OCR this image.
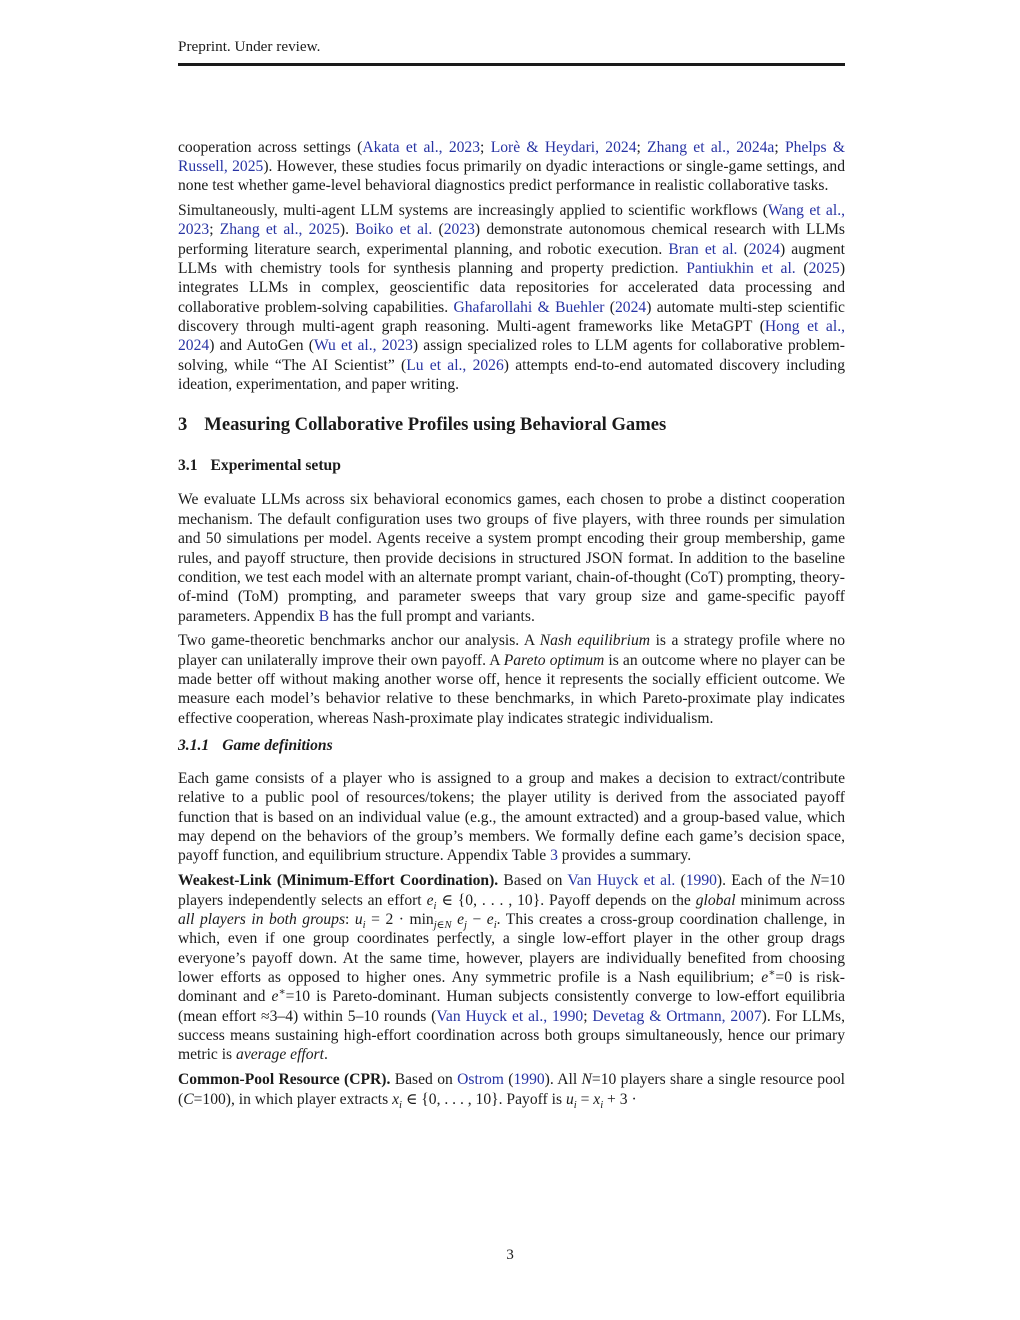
Preprint. Under review.

cooperation across settings (Akata et al., 2023; Lorè & Heydari, 2024; Zhang et al., 2024a; Phelps & Russell, 2025). However, these studies focus primarily on dyadic interactions or single-game settings, and none test whether game-level behavioral diagnostics predict performance in realistic collaborative tasks.

Simultaneously, multi-agent LLM systems are increasingly applied to scientific workflows (Wang et al., 2023; Zhang et al., 2025). Boiko et al. (2023) demonstrate autonomous chemical research with LLMs performing literature search, experimental planning, and robotic execution. Bran et al. (2024) augment LLMs with chemistry tools for synthesis planning and property prediction. Pantiukhin et al. (2025) integrates LLMs in complex, geoscientific data repositories for accelerated data processing and collaborative problem-solving capabilities. Ghafarollahi & Buehler (2024) automate multi-step scientific discovery through multi-agent graph reasoning. Multi-agent frameworks like MetaGPT (Hong et al., 2024) and AutoGen (Wu et al., 2023) assign specialized roles to LLM agents for collaborative problem-solving, while “The AI Scientist” (Lu et al., 2026) attempts end-to-end automated discovery including ideation, experimentation, and paper writing.

3 Measuring Collaborative Profiles using Behavioral Games
3.1 Experimental setup

We evaluate LLMs across six behavioral economics games, each chosen to probe a distinct cooperation mechanism. The default configuration uses two groups of five players, with three rounds per simulation and 50 simulations per model. Agents receive a system prompt encoding their group membership, game rules, and payoff structure, then provide decisions in structured JSON format. In addition to the baseline condition, we test each model with an alternate prompt variant, chain-of-thought (CoT) prompting, theory-of-mind (ToM) prompting, and parameter sweeps that vary group size and game-specific payoff parameters. Appendix B has the full prompt and variants.

Two game-theoretic benchmarks anchor our analysis. A Nash equilibrium is a strategy profile where no player can unilaterally improve their own payoff. A Pareto optimum is an outcome where no player can be made better off without making another worse off, hence it represents the socially efficient outcome. We measure each model’s behavior relative to these benchmarks, in which Pareto-proximate play indicates effective cooperation, whereas Nash-proximate play indicates strategic individualism.

3.1.1 Game definitions

Each game consists of a player who is assigned to a group and makes a decision to extract/contribute relative to a public pool of resources/tokens; the player utility is derived from the associated payoff function that is based on an individual value (e.g., the amount extracted) and a group-based value, which may depend on the behaviors of the group’s members. We formally define each game’s decision space, payoff function, and equilibrium structure. Appendix Table 3 provides a summary.

Weakest-Link (Minimum-Effort Coordination). Based on Van Huyck et al. (1990). Each of the N=10 players independently selects an effort $e_i$ ∈ {0, . . . , 10}. Payoff depends on the global minimum across all players in both groups: $u_i = 2 \cdot \min_{j\in N} e_j - e_i$. This creates a cross-group coordination challenge, in which, even if one group coordinates perfectly, a single low-effort player in the other group drags everyone’s payoff down. At the same time, however, players are individually benefited from choosing lower efforts as opposed to higher ones. Any symmetric profile is a Nash equilibrium; e∗=0 is risk-dominant and e∗=10 is Pareto-dominant. Human subjects consistently converge to low-effort equilibria (mean effort ≈3–4) within 5–10 rounds (Van Huyck et al., 1990; Devetag & Ortmann, 2007). For LLMs, success means sustaining high-effort coordination across both groups simultaneously, hence our primary metric is average effort.

Common-Pool Resource (CPR). Based on Ostrom (1990). All N=10 players share a single resource pool (C=100), in which player extracts $x_i$ ∈ {0, . . . , 10}. Payoff is $u_i = x_i + 3$ ·

3
